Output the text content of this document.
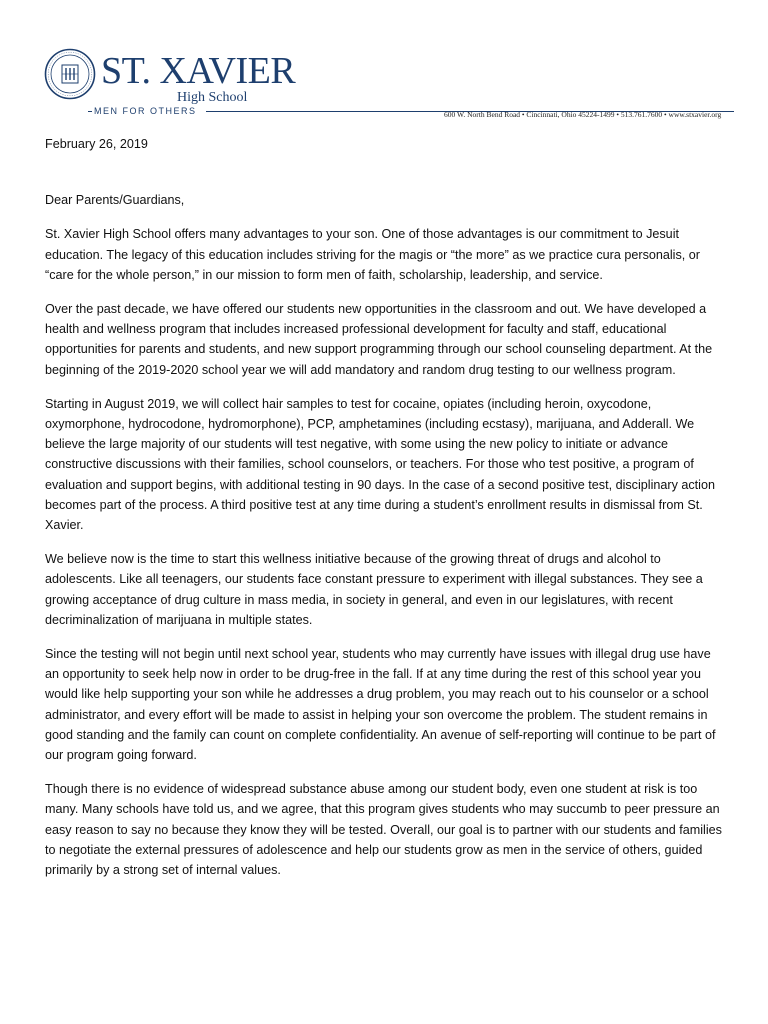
ST. XAVIER
High School
MEN FOR OTHERS	600 W. North Bend Road • Cincinnati, Ohio 45224-1499 • 513.761.7600 • www.stxavier.org

February 26, 2019

Dear Parents/Guardians,

St. Xavier High School offers many advantages to your son. One of those advantages is our commitment to Jesuit education. The legacy of this education includes striving for the magis or “the more” as we practice cura personalis, or “care for the whole person,” in our mission to form men of faith, scholarship, leadership, and service.

Over the past decade, we have offered our students new opportunities in the classroom and out. We have developed a health and wellness program that includes increased professional development for faculty and staff, educational opportunities for parents and students, and new support programming through our school counseling department. At the beginning of the 2019-2020 school year we will add mandatory and random drug testing to our wellness program.

Starting in August 2019, we will collect hair samples to test for cocaine, opiates (including heroin, oxycodone, oxymorphone, hydrocodone, hydromorphone), PCP, amphetamines (including ecstasy), marijuana, and Adderall. We believe the large majority of our students will test negative, with some using the new policy to initiate or advance constructive discussions with their families, school counselors, or teachers. For those who test positive, a program of evaluation and support begins, with additional testing in 90 days. In the case of a second positive test, disciplinary action becomes part of the process. A third positive test at any time during a student’s enrollment results in dismissal from St. Xavier.

We believe now is the time to start this wellness initiative because of the growing threat of drugs and alcohol to adolescents. Like all teenagers, our students face constant pressure to experiment with illegal substances. They see a growing acceptance of drug culture in mass media, in society in general, and even in our legislatures, with recent decriminalization of marijuana in multiple states.

Since the testing will not begin until next school year, students who may currently have issues with illegal drug use have an opportunity to seek help now in order to be drug-free in the fall. If at any time during the rest of this school year you would like help supporting your son while he addresses a drug problem, you may reach out to his counselor or a school administrator, and every effort will be made to assist in helping your son overcome the problem. The student remains in good standing and the family can count on complete confidentiality. An avenue of self-reporting will continue to be part of our program going forward.

Though there is no evidence of widespread substance abuse among our student body, even one student at risk is too many. Many schools have told us, and we agree, that this program gives students who may succumb to peer pressure an easy reason to say no because they know they will be tested. Overall, our goal is to partner with our students and families to negotiate the external pressures of adolescence and help our students grow as men in the service of others, guided primarily by a strong set of internal values.
